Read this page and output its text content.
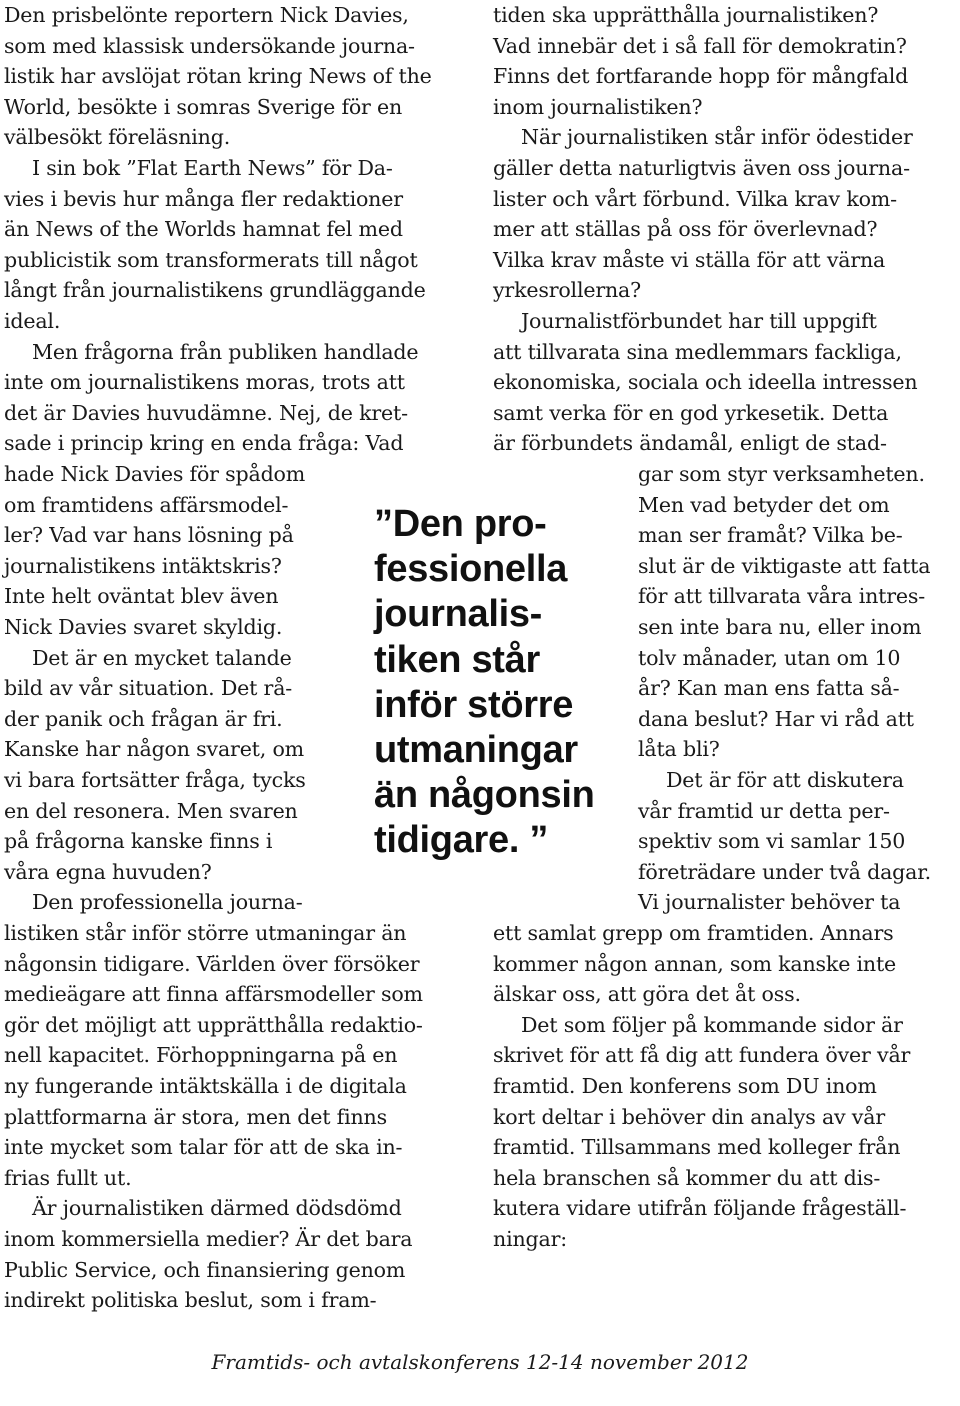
Den prisbelönte reportern Nick Davies,
som med klassisk undersökande journa-
listik har avslöjat rötan kring News of the
World, besökte i somras Sverige för en
välbesökt föreläsning.
I sin bok ”Flat Earth News” för Da-
vies i bevis hur många fler redaktioner
än News of the Worlds hamnat fel med
publicistik som transformerats till något
långt från journalistikens grundläggande
ideal.
Men frågorna från publiken handlade
inte om journalistikens moras, trots att
det är Davies huvudämne. Nej, de kret-
sade i princip kring en enda fråga: Vad
hade Nick Davies för spådom
om framtidens affärsmodel-
ler? Vad var hans lösning på
journalistikens intäktskris?
Inte helt oväntat blev även
Nick Davies svaret skyldig.
Det är en mycket talande
bild av vår situation. Det rå-
der panik och frågan är fri.
Kanske har någon svaret, om
vi bara fortsätter fråga, tycks
en del resonera. Men svaren
på frågorna kanske finns i
våra egna huvuden?
Den professionella journa-
listiken står inför större utmaningar än
någonsin tidigare. Världen över försöker
medieägare att finna affärsmodeller som
gör det möjligt att upprätthålla redaktio-
nell kapacitet. Förhoppningarna på en
ny fungerande intäktskälla i de digitala
plattformarna är stora, men det finns
inte mycket som talar för att de ska in-
frias fullt ut.
Är journalistiken därmed dödsdömd
inom kommersiella medier? Är det bara
Public Service, och finansiering genom
indirekt politiska beslut, som i fram-
tiden ska upprätthålla journalistiken?
Vad innebär det i så fall för demokratin?
Finns det fortfarande hopp för mångfald
inom journalistiken?
När journalistiken står inför ödestider
gäller detta naturligtvis även oss journa-
lister och vårt förbund. Vilka krav kom-
mer att ställas på oss för överlevnad?
Vilka krav måste vi ställa för att värna
yrkesrollerna?
Journalistförbundet har till uppgift
att tillvarata sina medlemmars fackliga,
ekonomiska, sociala och ideella intressen
samt verka för en god yrkesetik. Detta
är förbundets ändamål, enligt de stad-
gar som styr verksamheten.
Men vad betyder det om
man ser framåt? Vilka be-
slut är de viktigaste att fatta
för att tillvarata våra intres-
sen inte bara nu, eller inom
tolv månader, utan om 10
år? Kan man ens fatta så-
dana beslut? Har vi råd att
låta bli?
Det är för att diskutera
vår framtid ur detta per-
spektiv som vi samlar 150
företrädare under två dagar.
Vi journalister behöver ta
ett samlat grepp om framtiden. Annars
kommer någon annan, som kanske inte
älskar oss, att göra det åt oss.
Det som följer på kommande sidor är
skrivet för att få dig att fundera över vår
framtid. Den konferens som DU inom
kort deltar i behöver din analys av vår
framtid. Tillsammans med kolleger från
hela branschen så kommer du att dis-
kutera vidare utifrån följande frågeställ-
ningar:
”Den pro-
fessionella
journalis-
tiken står
inför större
utmaningar
än någonsin
tidigare. ”
Framtids- och avtalskonferens 12-14 november 2012
